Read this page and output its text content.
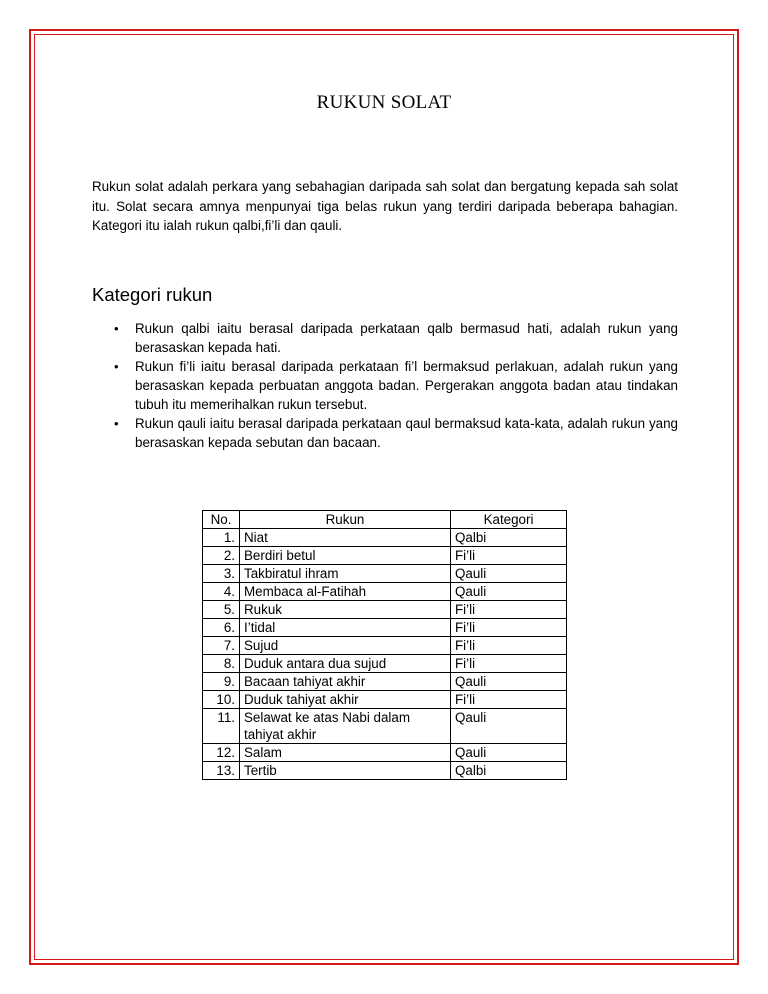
RUKUN SOLAT

Rukun solat adalah perkara yang sebahagian daripada sah solat dan bergatung kepada sah solat itu. Solat secara amnya menpunyai tiga belas rukun yang terdiri daripada beberapa bahagian. Kategori itu ialah rukun qalbi,fi’li dan qauli.

Kategori rukun
• Rukun qalbi iaitu berasal daripada perkataan qalb bermasud hati, adalah rukun yang berasaskan kepada hati.
• Rukun fi’li iaitu berasal daripada perkataan fi’l bermaksud perlakuan, adalah rukun yang berasaskan kepada perbuatan anggota badan. Pergerakan anggota badan atau tindakan tubuh itu memerihalkan rukun tersebut.
• Rukun qauli iaitu berasal daripada perkataan qaul bermaksud kata-kata, adalah rukun yang berasaskan kepada sebutan dan bacaan.
No.	Rukun	Kategori
1.	Niat	Qalbi
2.	Berdiri betul	Fi’li
3.	Takbiratul ihram	Qauli
4.	Membaca al-Fatihah	Qauli
5.	Rukuk	Fi’li
6.	I’tidal	Fi’li
7.	Sujud	Fi’li
8.	Duduk antara dua sujud	Fi’li
9.	Bacaan tahiyat akhir	Qauli
10.	Duduk tahiyat akhir	Fi’li
11.	Selawat ke atas Nabi dalam tahiyat akhir	Qauli
12.	Salam	Qauli
13.	Tertib	Qalbi
